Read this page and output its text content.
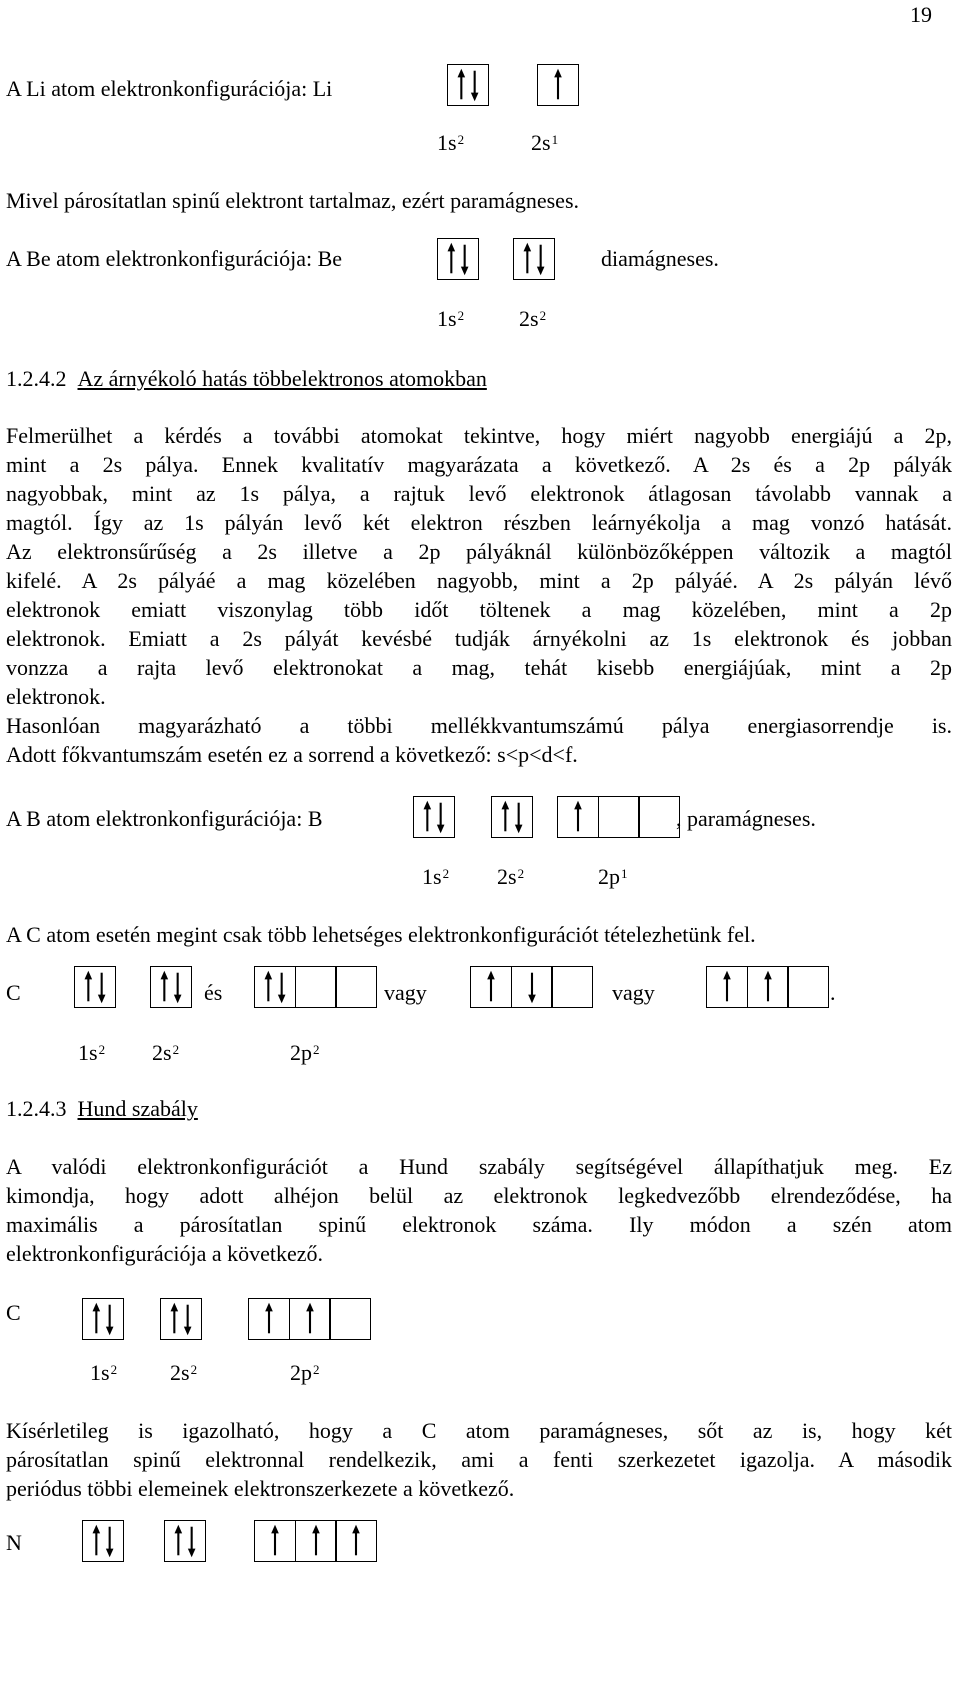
19
A Li atom elektronkonfigurációja: Li
$1s^2$	$2s^1$
Mivel párosítatlan spinű elektront tartalmaz, ezért paramágneses.
A Be atom elektronkonfigurációja: Be	diamágneses.
$1s^2$ $2s^2$
1.2.4.2 Az árnyékoló hatás többelektronos atomokban
Felmerülhet a kérdés a további atomokat tekintve, hogy miért nagyobb energiájú a 2p,
mint a 2s pálya. Ennek kvalitatív magyarázata a következő. A 2s és a 2p pályák
nagyobbak, mint az 1s pálya, a rajtuk levő elektronok átlagosan távolabb vannak a
magtól. Így az 1s pályán levő két elektron részben leárnyékolja a mag vonzó hatását.
Az elektronsűrűség a 2s illetve a 2p pályáknál különbözőképpen változik a magtól
kifelé. A 2s pályáé a mag közelében nagyobb, mint a 2p pályáé. A 2s pályán lévő
elektronok emiatt viszonylag több időt töltenek a mag közelében, mint a 2p
elektronok. Emiatt a 2s pályát kevésbé tudják árnyékolni az 1s elektronok és jobban
vonzza a rajta levő elektronokat a mag, tehát kisebb energiájúak, mint a 2p
elektronok.
Hasonlóan magyarázható a többi mellékkvantumszámú pálya energiasorrendje is.
Adott főkvantumszám esetén ez a sorrend a következő: s<p<d<f.
A B atom elektronkonfigurációja: B	, paramágneses.
$1s^2$ $2s^2$	$2p^1$
A C atom esetén megint csak több lehetséges elektronkonfigurációt tételezhetünk fel.
C	és	vagy	vagy	.
$1s^2$ $2s^2$	$2p^2$
1.2.4.3 Hund szabály
A valódi elektronkonfigurációt a Hund szabály segítségével állapíthatjuk meg. Ez
kimondja, hogy adott alhéjon belül az elektronok legkedvezőbb elrendeződése, ha
maximális a párosítatlan spinű elektronok száma. Ily módon a szén atom
elektronkonfigurációja a következő.
C
$1s^2$ $2s^2$	$2p^2$
Kísérletileg is igazolható, hogy a C atom paramágneses, sőt az is, hogy két
párosítatlan spinű elektronnal rendelkezik, ami a fenti szerkezetet igazolja. A második
periódus többi elemeinek elektronszerkezete a következő.
N
